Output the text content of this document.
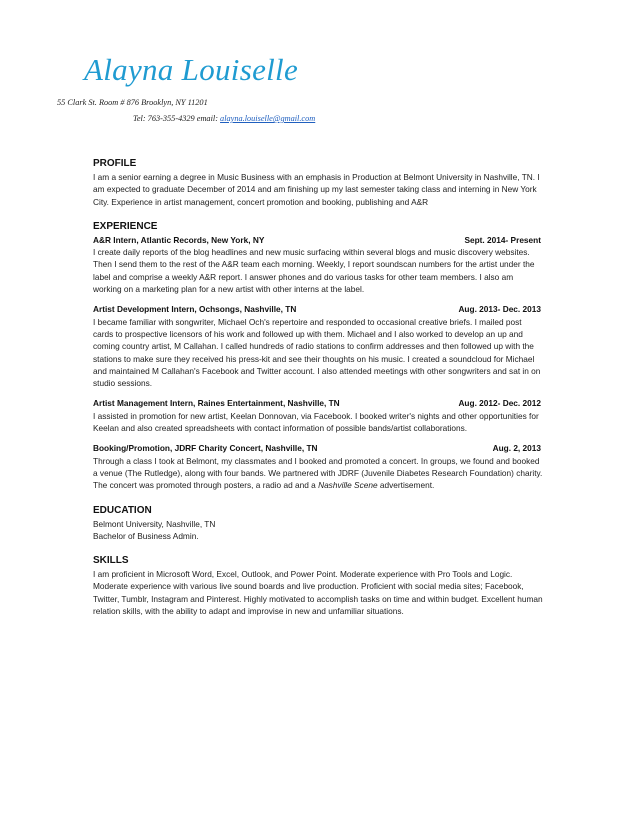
Alayna Louiselle
55 Clark St. Room # 876 Brooklyn, NY 11201
Tel: 763-355-4329 email: alayna.louiselle@gmail.com
PROFILE

I am a senior earning a degree in Music Business with an emphasis in Production at Belmont University in Nashville, TN. I am expected to graduate December of 2014 and am finishing up my last semester taking class and interning in New York City. Experience in artist management, concert promotion and booking, publishing and A&R

EXPERIENCE
A&R Intern, Atlantic Records, New York, NY	Sept. 2014- Present

I create daily reports of the blog headlines and new music surfacing within several blogs and music discovery websites. Then I send them to the rest of the A&R team each morning. Weekly, I report soundscan numbers for the artist under the label and comprise a weekly A&R report. I answer phones and do various tasks for other team members. I also am working on a marketing plan for a new artist with other interns at the label.

Artist Development Intern, Ochsongs, Nashville, TN	Aug. 2013- Dec. 2013

I became familiar with songwriter, Michael Och's repertoire and responded to occasional creative briefs. I mailed post cards to prospective licensors of his work and followed up with them. Michael and I also worked to develop an up and coming country artist, M Callahan. I called hundreds of radio stations to confirm addresses and then followed up with the stations to make sure they received his press-kit and see their thoughts on his music. I created a soundcloud for Michael and maintained M Callahan's Facebook and Twitter account. I also attended meetings with other songwriters and sat in on studio sessions.

Artist Management Intern, Raines Entertainment, Nashville, TN	Aug. 2012- Dec. 2012

I assisted in promotion for new artist, Keelan Donnovan, via Facebook. I booked writer's nights and other opportunities for Keelan and also created spreadsheets with contact information of possible bands/artist collaborations.

Booking/Promotion, JDRF Charity Concert, Nashville, TN	Aug. 2, 2013

Through a class I took at Belmont, my classmates and I booked and promoted a concert. In groups, we found and booked a venue (The Rutledge), along with four bands. We partnered with JDRF (Juvenile Diabetes Research Foundation) charity. The concert was promoted through posters, a radio ad and a Nashville Scene advertisement.

EDUCATION

Belmont University, Nashville, TN

Bachelor of Business Admin.

SKILLS

I am proficient in Microsoft Word, Excel, Outlook, and Power Point. Moderate experience with Pro Tools and Logic. Moderate experience with various live sound boards and live production. Proficient with social media sites; Facebook, Twitter, Tumblr, Instagram and Pinterest. Highly motivated to accomplish tasks on time and within budget. Excellent human relation skills, with the ability to adapt and improvise in new and unfamiliar situations.
